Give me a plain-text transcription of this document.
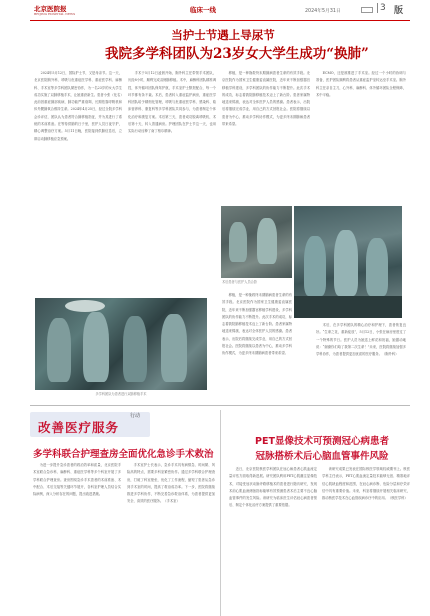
北京医院报
BEIJING HOSPITAL NEWS	临床一线	2024年5月31日	3 版
当护士节遇上导尿节
我院多学科团队为23岁女大学生成功“换肺”

2024年5月12日，国际护士节，又是母亲节。这一天，北京医院胸外科、呼吸与危重症医学科、重症医学科、麻醉科、手术室等多学科团队紧密协作，为一名23岁的女大学生成功实施了双肺移植手术，让她重获新生。患者小张（化名）此前因重症肺部疾病，肺功能严重衰竭，长期依靠呼吸机和体外膜肺氧合维持生命。2024年4月25日，经过全院多学科会诊评估，团队认为患者符合肺移植指征，并为其进行了系统的术前准备。在等待供肺的日子里，医护人员日夜守护，精心调整治疗方案。5月11日晚，医院接到供肺信息后，立即启动肺移植应急预案。

手术于5月12日凌晨开始，胸外科主任带领手术团队，历经8小时，顺利完成双侧肺移植。术中，麻醉科团队精准调控，体外循环团队保驾护航，手术室护士默契配合，每一个环节都有条不紊。术后，患者转入重症监护病房，重症医学科团队给予精细化管理，呼吸与危重症医学科、感染科、临床营养科、康复科等多学科团队共同参与，为患者制定个体化治疗和康复方案。术后第三天，患者成功脱离呼吸机，术后第十天，转入普通病房。护理团队在护士节这一天，也用实际行动诠释了南丁格尔精神。

移植，是一种挽救终末期肺病患者生命的有效手段。北京医院作为国家卫生健康委直属医院，近年来不断加强器官移植学科建设，多学科团队的协作能力不断提升。此次手术的成功，标志着我院肺移植技术迈上了新台阶。患者家属特地送来锦旗，表达对全体医护人员的感谢。患者表示，出院后将继续完成学业，用自己的方式回报社会。医院将继续以患者为中心，推动多学科协作模式，为更多终末期肺病患者带来希望。

ECMO，还是被推进了手术室。经过一个小时的协调与准备，医护团队顺利将患者从重症监护室转运至手术室。胸外科主任亲自主刀，心外科、麻醉科、体外循环团队全程保障，术中平稳。

术后患者与医护人员合影

移植，是一种挽救终末期肺病患者生命的有效手段。北京医院作为国家卫生健康委直属医院，近年来不断加强器官移植学科建设，多学科团队的协作能力不断提升。此次手术的成功，标志着我院肺移植技术迈上了新台阶。患者家属特地送来锦旗，表达对全体医护人员的感谢。患者表示，出院后将继续完成学业，用自己的方式回报社会。医院将继续以患者为中心，推动多学科协作模式，为更多终末期肺病患者带来希望。

术后，在多学科团队的精心治疗和护理下，患者恢复良好。“生命之花，重新绽放”，5月12日，小张在病房里度过了一个特殊的节日。医护人员为她送上鲜花和祝福，她激动地说：“谢谢你们给了我第二次生命！”未来，医院将继续加强多学科协作，为患者提供更加优质的医疗服务。（胸外科）

多学科团队为患者进行双肺移植手术
改善医疗服务
行动
多学科联合护理查房全面优化急诊手术救治

为进一步提升急诊患者的救治效率和质量，北京医院手术室联合急诊科、麻醉科、重症医学科等多个科室开展了多学科联合护理查房。查房围绕急诊手术患者的术前准备、术中配合、术后交接等关键环节展开，各科室护理人员结合实际病例，深入分析存在的问题，提出改进措施。

手术室护士长表示，急诊手术具有病情急、时间紧、风险高的特点，需要多科室紧密协作。通过多学科联合护理查房，打破了科室壁垒，优化了工作流程，缩短了患者从急诊到手术室的时间，提高了救治成功率。下一步，医院将继续推进多学科协作，不断完善急诊救治体系，为患者提供更加安全、高效的医疗服务。（手术室）

PET显像技术可预测冠心病患者
冠脉搭桥术后心脑血管事件风险

近日，北京医院核医学科团队在冠心病患者心肌血流定量评估方面取得新进展。研究团队利用PET心肌灌注显像技术，对接受冠状动脉旁路移植术的患者进行随访研究，发现术前心肌血流储备指标能够有效预测患者术后主要不良心脑血管事件的发生风险。该研究为临床医生评估冠心病患者预后、制定个体化治疗方案提供了重要依据。

该研究成果已发表在国际核医学领域权威期刊上。核医学科主任表示，PET心肌血流定量技术能够无创、精准地评估心肌缺血程度和范围，在冠心病诊断、危险分层和疗效评估中具有重要价值。未来，科室将继续开展相关临床研究，推动核医学技术在心血管疾病诊疗中的应用。（核医学科）
